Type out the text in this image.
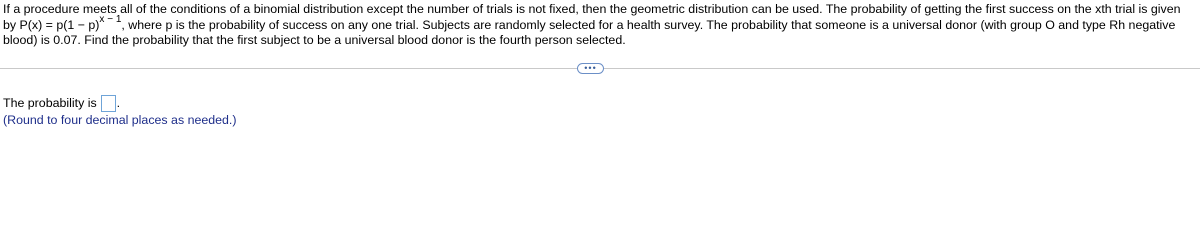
If a procedure meets all of the conditions of a binomial distribution except the number of trials is not fixed, then the geometric distribution can be used. The probability of getting the first success on the xth trial is given by $P(x) = p(1 - p)^{x - 1}$, where p is the probability of success on any one trial. Subjects are randomly selected for a health survey. The probability that someone is a universal donor (with group O and type Rh negative blood) is 0.07. Find the probability that the first subject to be a universal blood donor is the fourth person selected.

•••
The probability is .
(Round to four decimal places as needed.)
